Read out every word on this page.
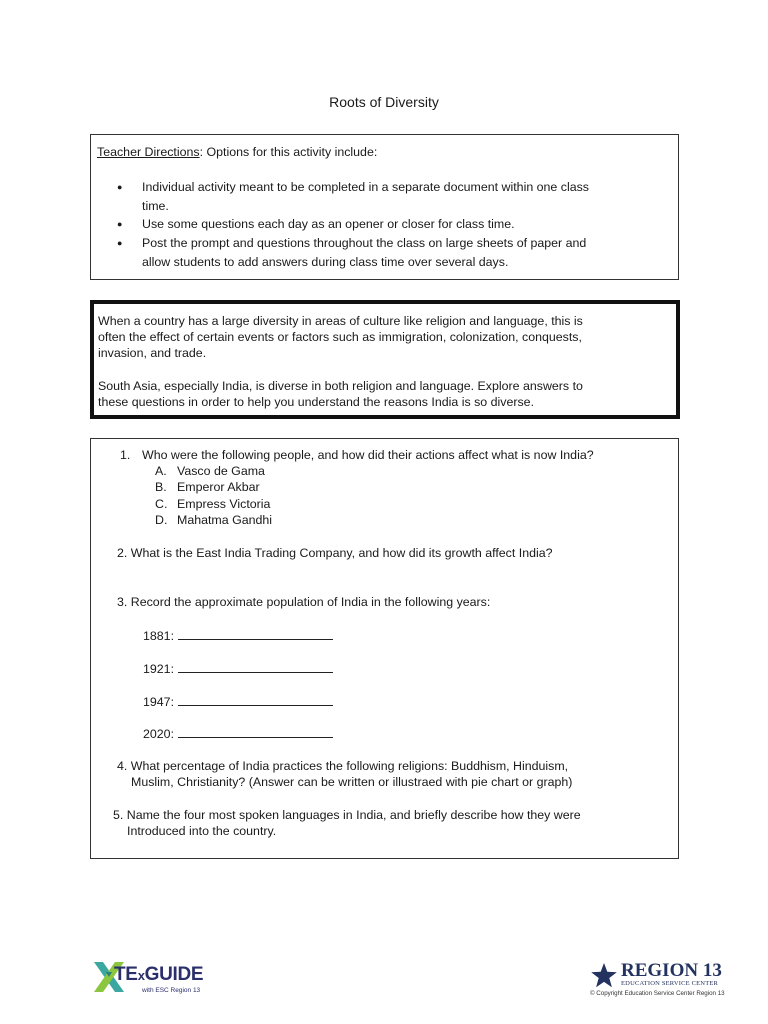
Roots of Diversity
Teacher Directions: Options for this activity include:
● Individual activity meant to be completed in a separate document within one class
time.
● Use some questions each day as an opener or closer for class time.
● Post the prompt and questions throughout the class on large sheets of paper and
allow students to add answers during class time over several days.

When a country has a large diversity in areas of culture like religion and language, this is
often the effect of certain events or factors such as immigration, colonization, conquests,
invasion, and trade.

South Asia, especially India, is diverse in both religion and language. Explore answers to
these questions in order to help you understand the reasons India is so diverse.

1. Who were the following people, and how did their actions affect what is now India?
A. Vasco de Gama
B. Emperor Akbar
C. Empress Victoria
D. Mahatma Gandhi
2. What is the East India Trading Company, and how did its growth affect India?
3. Record the approximate population of India in the following years:
1881:
1921:
1947:
2020:
4. What percentage of India practices the following religions: Buddhism, Hinduism,
Muslim, Christianity? (Answer can be written or illustraed with pie chart or graph)
5. Name the four most spoken languages in India, and briefly describe how they were
Introduced into the country.
TExGUIDE
with ESC Region 13
REGION 13
EDUCATION SERVICE CENTER
© Copyright Education Service Center Region 13
